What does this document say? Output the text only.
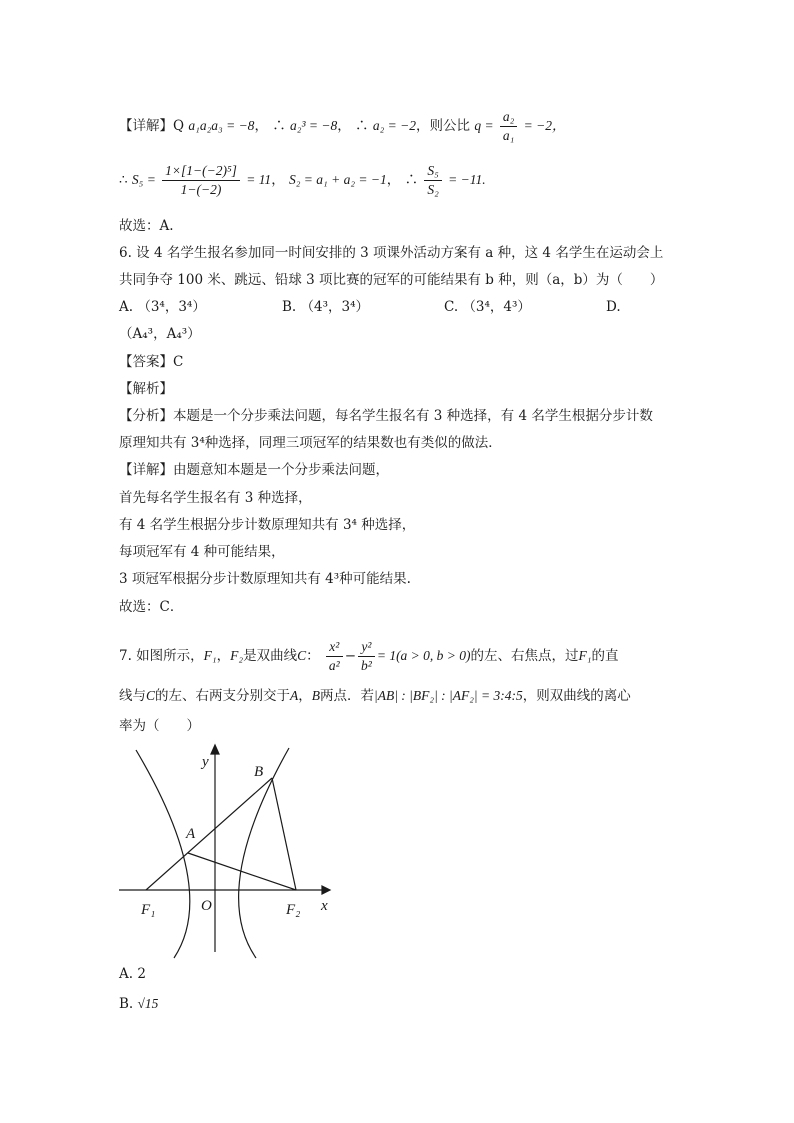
【详解】Q a₁a₂a₃ = −8， ∴ a₂³ = −8， ∴ a₂ = −2，则公比 $q = \frac{\text{a₂}}{\text{a₁}} = -2$，
∴ $S_5 = \frac{\text{1×[1−(−2)⁵]}}{1-(-2)} = 11$， S₂ = a₁ + a₂ = −1， ∴ $\frac{\text{S₅}}{\text{S₂}} = -11$.
故选：A.
6. 设 4 名学生报名参加同一时间安排的 3 项课外活动方案有 a 种，这 4 名学生在运动会上
共同争夺 100 米、跳远、铅球 3 项比赛的冠军的可能结果有 b 种，则（a，b）为（　　）
A. （3⁴，3⁴）	B. （4³，3⁴）	C. （3⁴，4³）	D.
（A₄³，A₄³）
【答案】C
【解析】
【分析】本题是一个分步乘法问题，每名学生报名有 3 种选择，有 4 名学生根据分步计数
原理知共有 3⁴种选择，同理三项冠军的结果数也有类似的做法．
【详解】由题意知本题是一个分步乘法问题，
首先每名学生报名有 3 种选择，
有 4 名学生根据分步计数原理知共有 3⁴ 种选择，
每项冠军有 4 种可能结果，
3 项冠军根据分步计数原理知共有 4³种可能结果.
故选：C．
7. 如图所示，F₁，F₂是双曲线C： $\frac{\text{x²}}{\text{a²}} - \frac{\text{y²}}{\text{b²}} = 1(a > 0$, b > 0)的左、右焦点，过F₁的直
线与C的左、右两支分别交于A，B两点．若|AB| : |BF₂| : |AF₂| = 3:4:5，则双曲线的离心
率为（　　）
y
x
B
A
O
F₁	F₂
A. 2
B. √15
